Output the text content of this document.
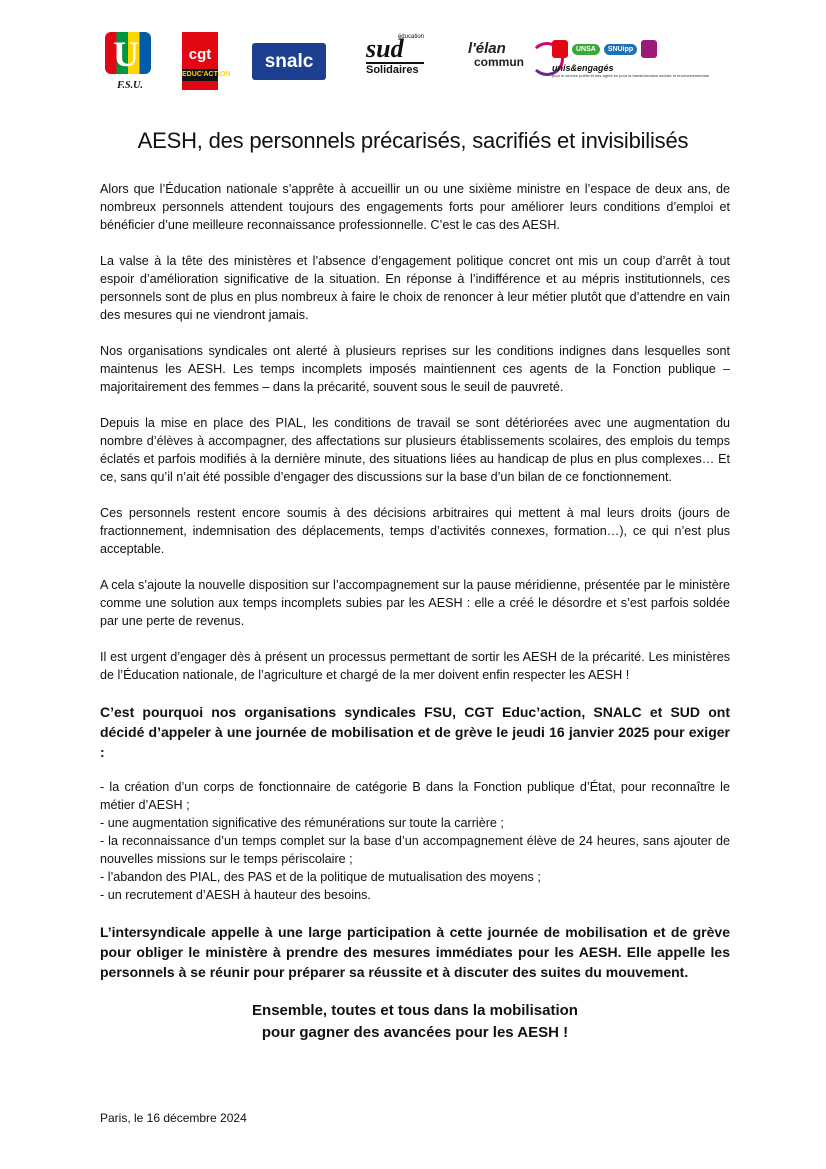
U
F.S.U.
cgt
EDUC'ACTION
snalc
éducation
sud
Solidaires
l'élan
commun
UNSA	SNUipp
unis&engagés
pour le service public et ses agent·es pour la transformation sociale et environnementale
AESH, des personnels précarisés, sacrifiés et invisibilisés

Alors que l’Éducation nationale s’apprête à accueillir un ou une sixième ministre en l’espace de deux ans, de nombreux personnels attendent toujours des engagements forts pour améliorer leurs conditions d’emploi et bénéficier d’une meilleure reconnaissance professionnelle. C’est le cas des AESH.

La valse à la tête des ministères et l’absence d’engagement politique concret ont mis un coup d’arrêt à tout espoir d’amélioration significative de la situation. En réponse à l’indifférence et au mépris institutionnels, ces personnels sont de plus en plus nombreux à faire le choix de renoncer à leur métier plutôt que d’attendre en vain des mesures qui ne viendront jamais.

Nos organisations syndicales ont alerté à plusieurs reprises sur les conditions indignes dans lesquelles sont maintenus les AESH. Les temps incomplets imposés maintiennent ces agents de la Fonction publique – majoritairement des femmes – dans la précarité, souvent sous le seuil de pauvreté.

Depuis la mise en place des PIAL, les conditions de travail se sont détériorées avec une augmentation du nombre d’élèves à accompagner, des affectations sur plusieurs établissements scolaires, des emplois du temps éclatés et parfois modifiés à la dernière minute, des situations liées au handicap de plus en plus complexes… Et ce, sans qu’il n’ait été possible d’engager des discussions sur la base d’un bilan de ce fonctionnement.

Ces personnels restent encore soumis à des décisions arbitraires qui mettent à mal leurs droits (jours de fractionnement, indemnisation des déplacements, temps d’activités connexes, formation…), ce qui n’est plus acceptable.

A cela s’ajoute la nouvelle disposition sur l’accompagnement sur la pause méridienne, présentée par le ministère comme une solution aux temps incomplets subies par les AESH : elle a créé le désordre et s’est parfois soldée par une perte de revenus.

Il est urgent d’engager dès à présent un processus permettant de sortir les AESH de la précarité. Les ministères de l’Éducation nationale, de l’agriculture et chargé de la mer doivent enfin respecter les AESH !

C’est pourquoi nos organisations syndicales FSU, CGT Educ’action, SNALC et SUD ont décidé d’appeler à une journée de mobilisation et de grève le jeudi 16 janvier 2025 pour exiger :

- la création d’un corps de fonctionnaire de catégorie B dans la Fonction publique d’État, pour reconnaître le métier d’AESH ;
- une augmentation significative des rémunérations sur toute la carrière ;
- la reconnaissance d’un temps complet sur la base d’un accompagnement élève de 24 heures, sans ajouter de nouvelles missions sur le temps périscolaire ;
- l’abandon des PIAL, des PAS et de la politique de mutualisation des moyens ;
- un recrutement d’AESH à hauteur des besoins.

L’intersyndicale appelle à une large participation à cette journée de mobilisation et de grève pour obliger le ministère à prendre des mesures immédiates pour les AESH. Elle appelle les personnels à se réunir pour préparer sa réussite et à discuter des suites du mouvement.

Ensemble, toutes et tous dans la mobilisation
pour gagner des avancées pour les AESH !
Paris, le 16 décembre 2024
